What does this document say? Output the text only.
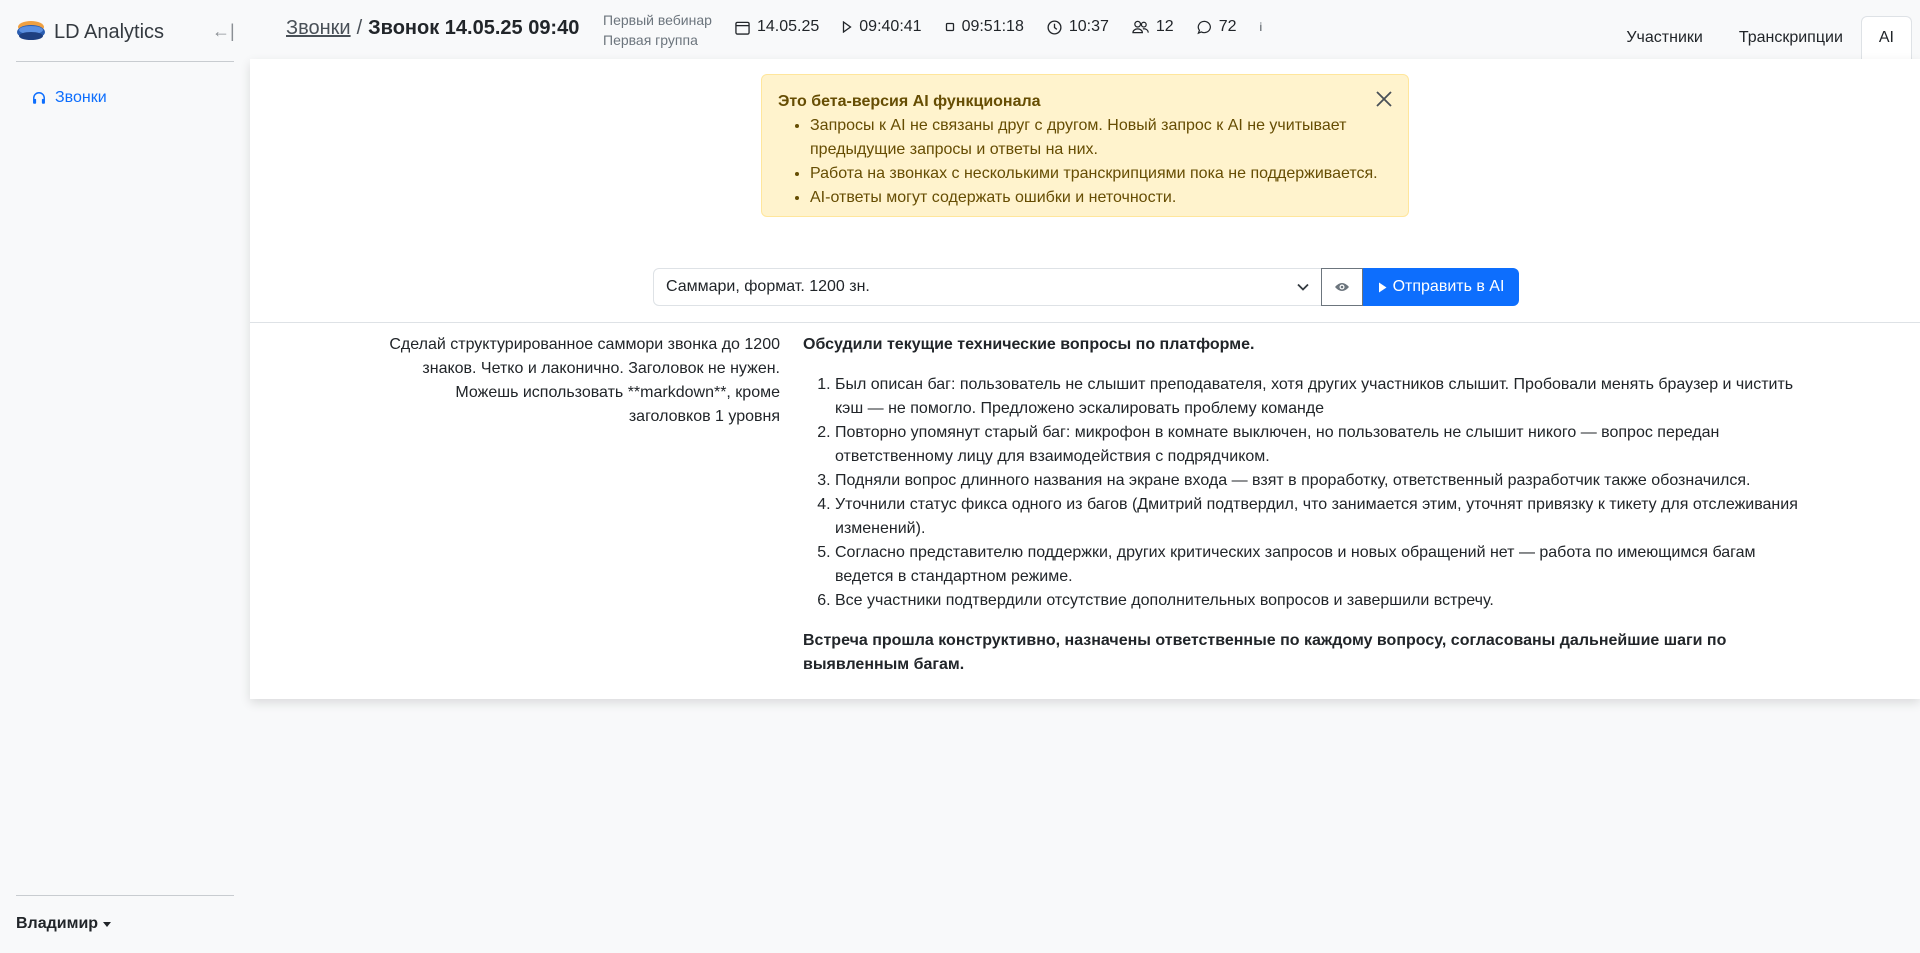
LD Analytics	←|
Звонки
Владимир
Звонки / Звонок 14.05.25 09:40 Первый вебинар
Первая группа
14.05.25	09:40:41	09:51:18	10:37	12	72 i
Участники	Транскрипции	AI
Это бета-версия AI функционала
• Запросы к AI не связаны друг с другом. Новый запрос к AI не учитывает предыдущие запросы и ответы на них.
• Работа на звонках с несколькими транскрипциями пока не поддерживается.
• AI-ответы могут содержать ошибки и неточности.
Саммари, формат. 1200 зн.	Отправить в AI
Сделай структурированное саммори звонка до 1200 знаков. Четко и лаконично. Заголовок не нужен. Можешь использовать **markdown**, кроме заголовков 1 уровня
Обсудили текущие технические вопросы по платформе.
1. Был описан баг: пользователь не слышит преподавателя, хотя других участников слышит. Пробовали менять браузер и чистить кэш — не помогло. Предложено эскалировать проблему команде
2. Повторно упомянут старый баг: микрофон в комнате выключен, но пользователь не слышит никого — вопрос передан ответственному лицу для взаимодействия с подрядчиком.
3. Подняли вопрос длинного названия на экране входа — взят в проработку, ответственный разработчик также обозначился.
4. Уточнили статус фикса одного из багов (Дмитрий подтвердил, что занимается этим, уточнят привязку к тикету для отслеживания изменений).
5. Согласно представителю поддержки, других критических запросов и новых обращений нет — работа по имеющимся багам ведется в стандартном режиме.
6. Все участники подтвердили отсутствие дополнительных вопросов и завершили встречу.
Встреча прошла конструктивно, назначены ответственные по каждому вопросу, согласованы дальнейшие шаги по выявленным багам.
